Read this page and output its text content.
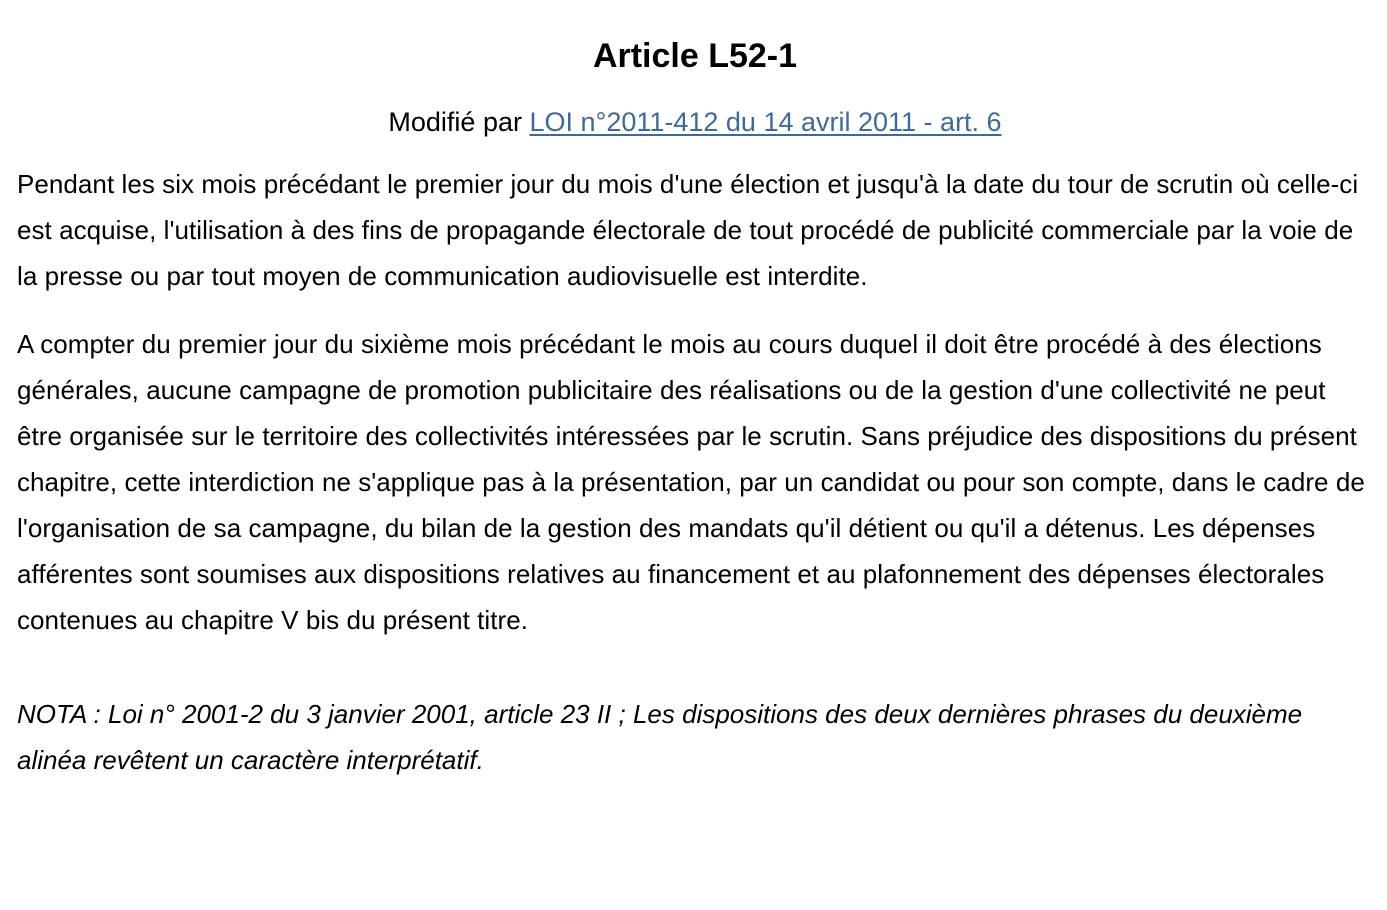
Article L52-1

Modifié par LOI n°2011-412 du 14 avril 2011 - art. 6

Pendant les six mois précédant le premier jour du mois d'une élection et jusqu'à la date du tour de scrutin où celle-ci est acquise, l'utilisation à des fins de propagande électorale de tout procédé de publicité commerciale par la voie de la presse ou par tout moyen de communication audiovisuelle est interdite.

A compter du premier jour du sixième mois précédant le mois au cours duquel il doit être procédé à des élections générales, aucune campagne de promotion publicitaire des réalisations ou de la gestion d'une collectivité ne peut être organisée sur le territoire des collectivités intéressées par le scrutin. Sans préjudice des dispositions du présent chapitre, cette interdiction ne s'applique pas à la présentation, par un candidat ou pour son compte, dans le cadre de l'organisation de sa campagne, du bilan de la gestion des mandats qu'il détient ou qu'il a détenus. Les dépenses afférentes sont soumises aux dispositions relatives au financement et au plafonnement des dépenses électorales contenues au chapitre V bis du présent titre.

NOTA : Loi n° 2001-2 du 3 janvier 2001, article 23 II ; Les dispositions des deux dernières phrases du deuxième alinéa revêtent un caractère interprétatif.
